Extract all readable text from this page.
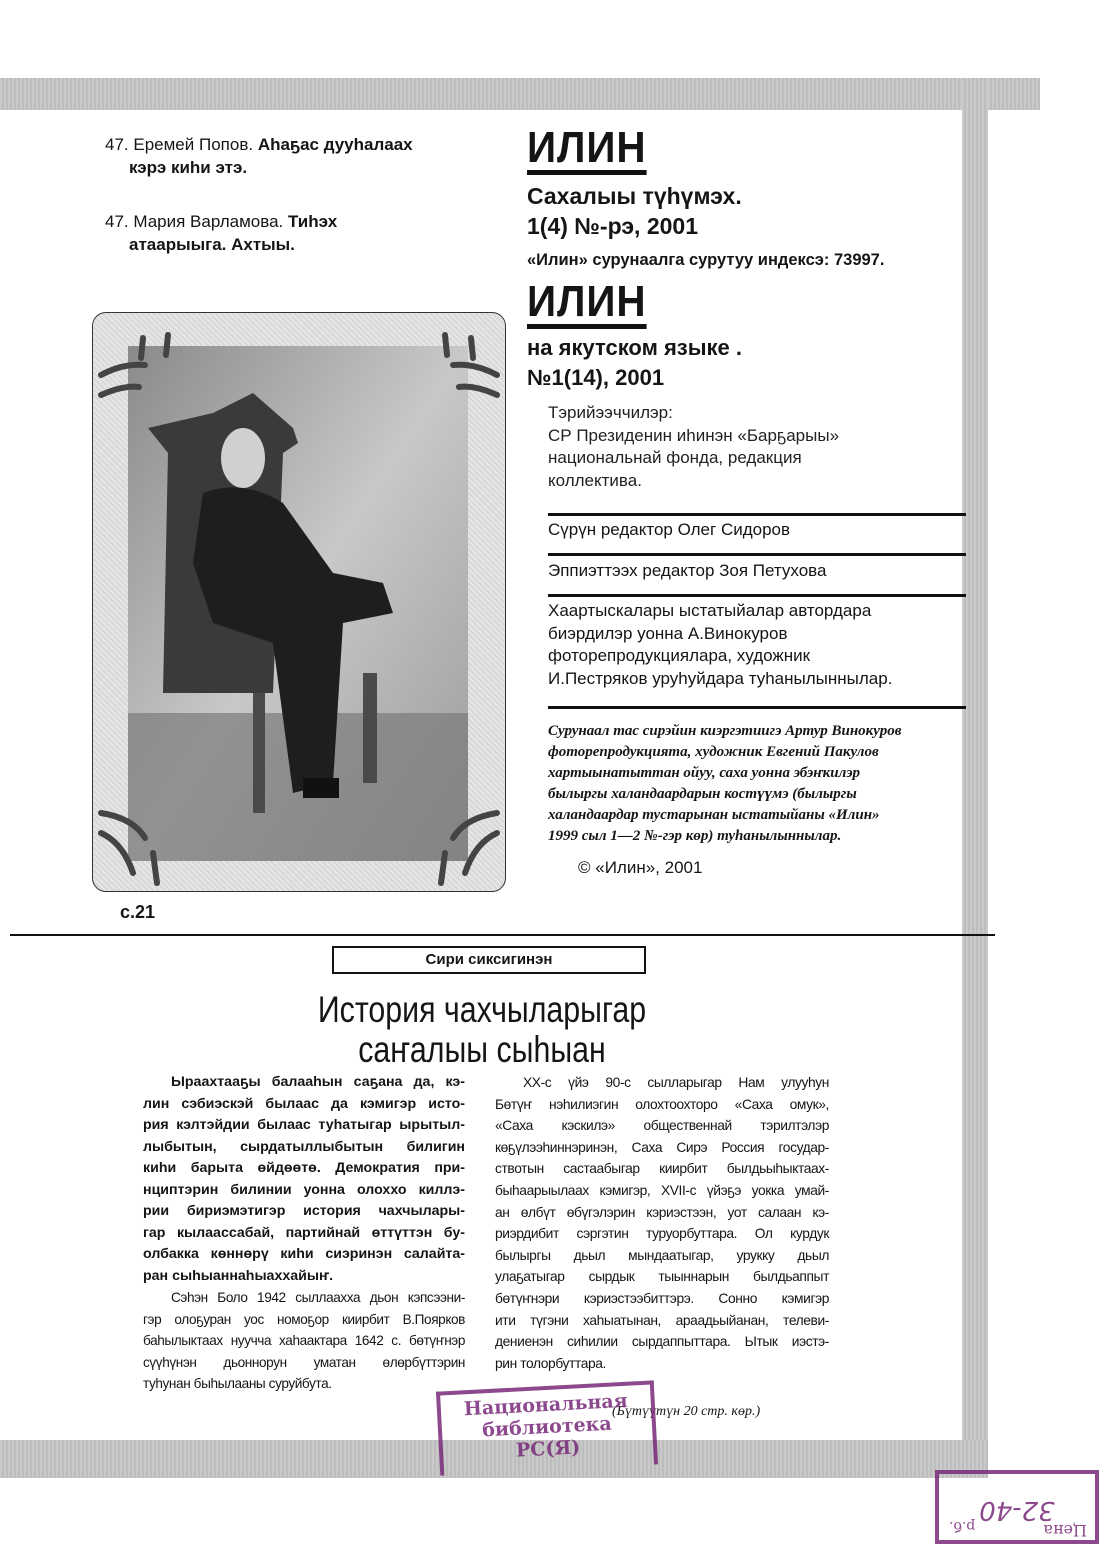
47. Еремей Попов. Аhаҕас дууhалаах
кэрэ киhи этэ.
47. Мария Варламова. Тиhэх
атаарыыга. Ахтыы.
с.21
ИЛИН
Сахалыы түhүмэх.
1(4) №-рэ, 2001
«Илин» сурунаалга сурутуу индексэ: 73997.
ИЛИН
на якутском языке .
№1(14), 2001
Тэрийээччилэр:
СР Президенин иhинэн «Барҕарыы»
национальнай фонда, редакция
коллектива.
Сүрүн редактор Олег Сидоров
Эппиэттээх редактор Зоя Петухова
Хаартыскалары ыстатыйалар автордара
биэрдилэр уонна А.Винокуров
фоторепродукциялара, художник
И.Пестряков уруhуйдара туhанылыннылар.
Сурунаал тас сирэйин киэргэтиигэ Артур Винокуров
фоторепродукцията, художник Евгений Пакулов
хартыынатыттан ойуу, саха уонна эбэҥкилэр
былыргы халандаардарын костүүмэ (былыргы
халандаардар тустарынан ыстатыйаны «Илин»
1999 сыл 1—2 №-гэр көр) туhанылыннылар.
© «Илин», 2001
Сири сиксигинэн
История чахчыларыгар
саҥалыы сыhыан
Ыраахтааҕы балааhын саҕана да, кэ-
лин сэбиэскэй былаас да кэмигэр исто-
рия кэлтэйдии былаас туhатыгар ырытыл-
лыбытын, сырдатыллыбытын билигин
киhи барыта өйдөөтө. Демократия при-
нциптэрин билинии уонна олоххо киллэ-
рии бириэмэтигэр история чахчылары-
гар кылаассабай, партийнай өттүттэн бу-
олбакка көннөрү киhи сиэринэн салайта-
ран сыhыаннаhыаххайыҥ.
Сэhэн Боло 1942 сыллаахха дьон кэпсээни-
гэр олоҕуран уос номоҕор киирбит В.Поярков
баhылыктаах нуучча хаhаактара 1642 с. бөтүҥнэр
сүүhүнэн дьоннорун уматан өлөрбүттэрин
туhунан быhылааны суруйбута.
ХХ-с үйэ 90-с сылларыгар Нам улууhун
Бөтүҥ нэhилиэгин олохтоохторо «Саха омук»,
«Саха кэскилэ» общественнай тэрилтэлэр
көҕүлээhиннэринэн, Саха Сирэ Россия государ-
ствотын састаабыгар киирбит былдьыhыктаах-
быhаарыылаах кэмигэр, XVII-с үйэҕэ уокка умай-
ан өлбүт өбүгэлэрин кэриэстээн, уот салаан кэ-
риэрдибит сэргэтин туруорбуттара. Ол курдук
былыргы дьыл мындаатыгар, урукку дьыл
улаҕатыгар сырдык тыыннарын былдьаппыт
бөтүҥнэри кэриэстээбиттэрэ. Сонно кэмигэр
ити түгэни хаhыатынан, араадьыйанан, телеви-
дениенэн сиhилии сырдаппыттара. Ытык иэстэ-
рин толорбуттара.
(Бүтүүтүн 20 стр. көр.)
Национальная
библиотека
РС(Я)
Цена
32-40
р.б.
